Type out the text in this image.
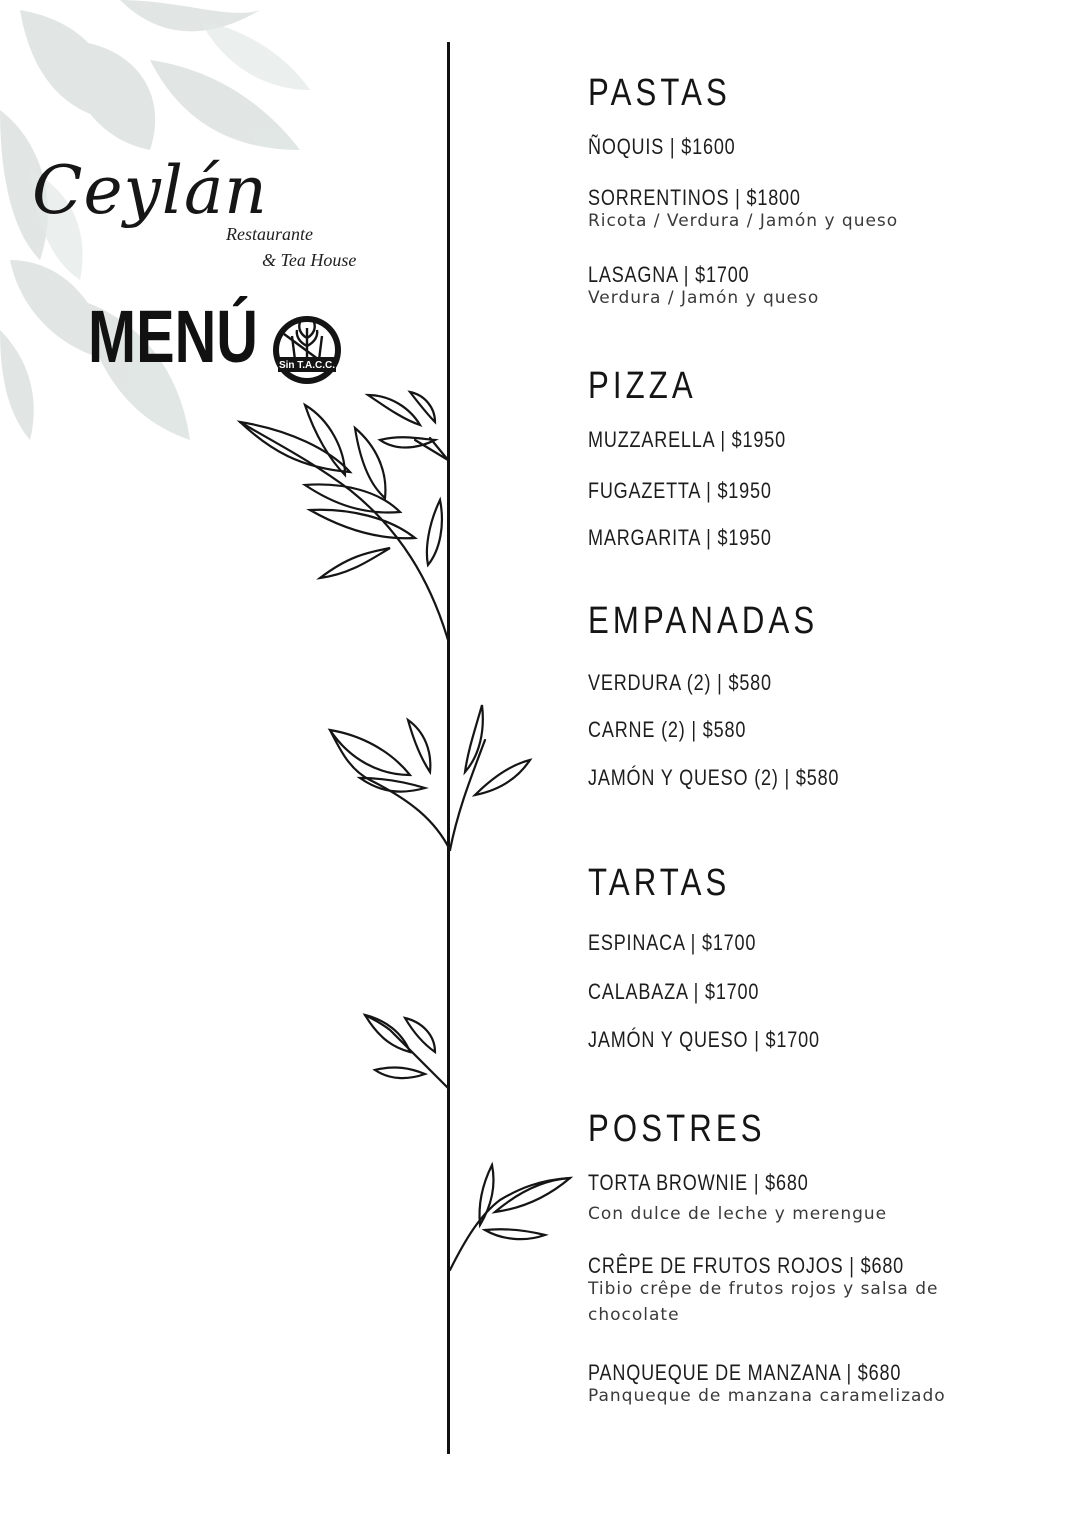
Ceylán
Restaurante
& Tea House
MENÚ	Sin T.A.C.C.
PASTAS
ÑOQUIS | $1600
SORRENTINOS | $1800
Ricota / Verdura / Jamón y queso
LASAGNA | $1700
Verdura / Jamón y queso
PIZZA
MUZZARELLA | $1950
FUGAZETTA | $1950
MARGARITA | $1950
EMPANADAS
VERDURA (2) | $580
CARNE (2) | $580
JAMÓN Y QUESO (2) | $580
TARTAS
ESPINACA | $1700
CALABAZA | $1700
JAMÓN Y QUESO | $1700
POSTRES
TORTA BROWNIE | $680
Con dulce de leche y merengue
CRÊPE DE FRUTOS ROJOS | $680
Tibio crêpe de frutos rojos y salsa de chocolate
PANQUEQUE DE MANZANA | $680
Panqueque de manzana caramelizado
